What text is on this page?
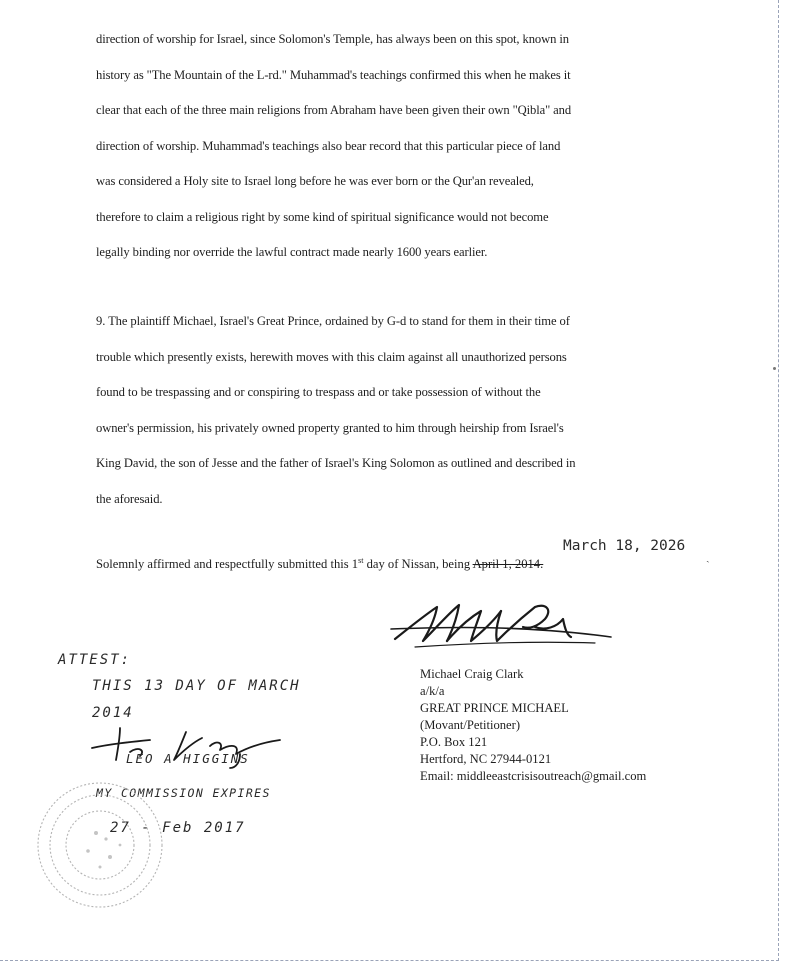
direction of worship for Israel, since Solomon's Temple, has always been on this spot, known in
history as "The Mountain of the L-rd." Muhammad's teachings confirmed this when he makes it
clear that each of the three main religions from Abraham have been given their own "Qibla" and
direction of worship. Muhammad's teachings also bear record that this particular piece of land
was considered a Holy site to Israel long before he was ever born or the Qur'an revealed,
therefore to claim a religious right by some kind of spiritual significance would not become
legally binding nor override the lawful contract made nearly 1600 years earlier.
9. The plaintiff Michael, Israel's Great Prince, ordained by G-d to stand for them in their time of
trouble which presently exists, herewith moves with this claim against all unauthorized persons
found to be trespassing and or conspiring to trespass and or take possession of without the
owner's permission, his privately owned property granted to him through heirship from Israel's
King David, the son of Jesse and the father of Israel's King Solomon as outlined and described in
the aforesaid.
Solemnly affirmed and respectfully submitted this 1st day of Nissan, being April 1, 2014.
March 18, 2026
ˎ
Michael Craig Clark
a/k/a
GREAT PRINCE MICHAEL
(Movant/Petitioner)
P.O. Box 121
Hertford, NC 27944-0121
Email: middleeastcrisisoutreach@gmail.com
ATTEST:
THIS 13 DAY OF MARCH
2014
LEO A HIGGINS
MY COMMISSION EXPIRES
27 - Feb 2017
